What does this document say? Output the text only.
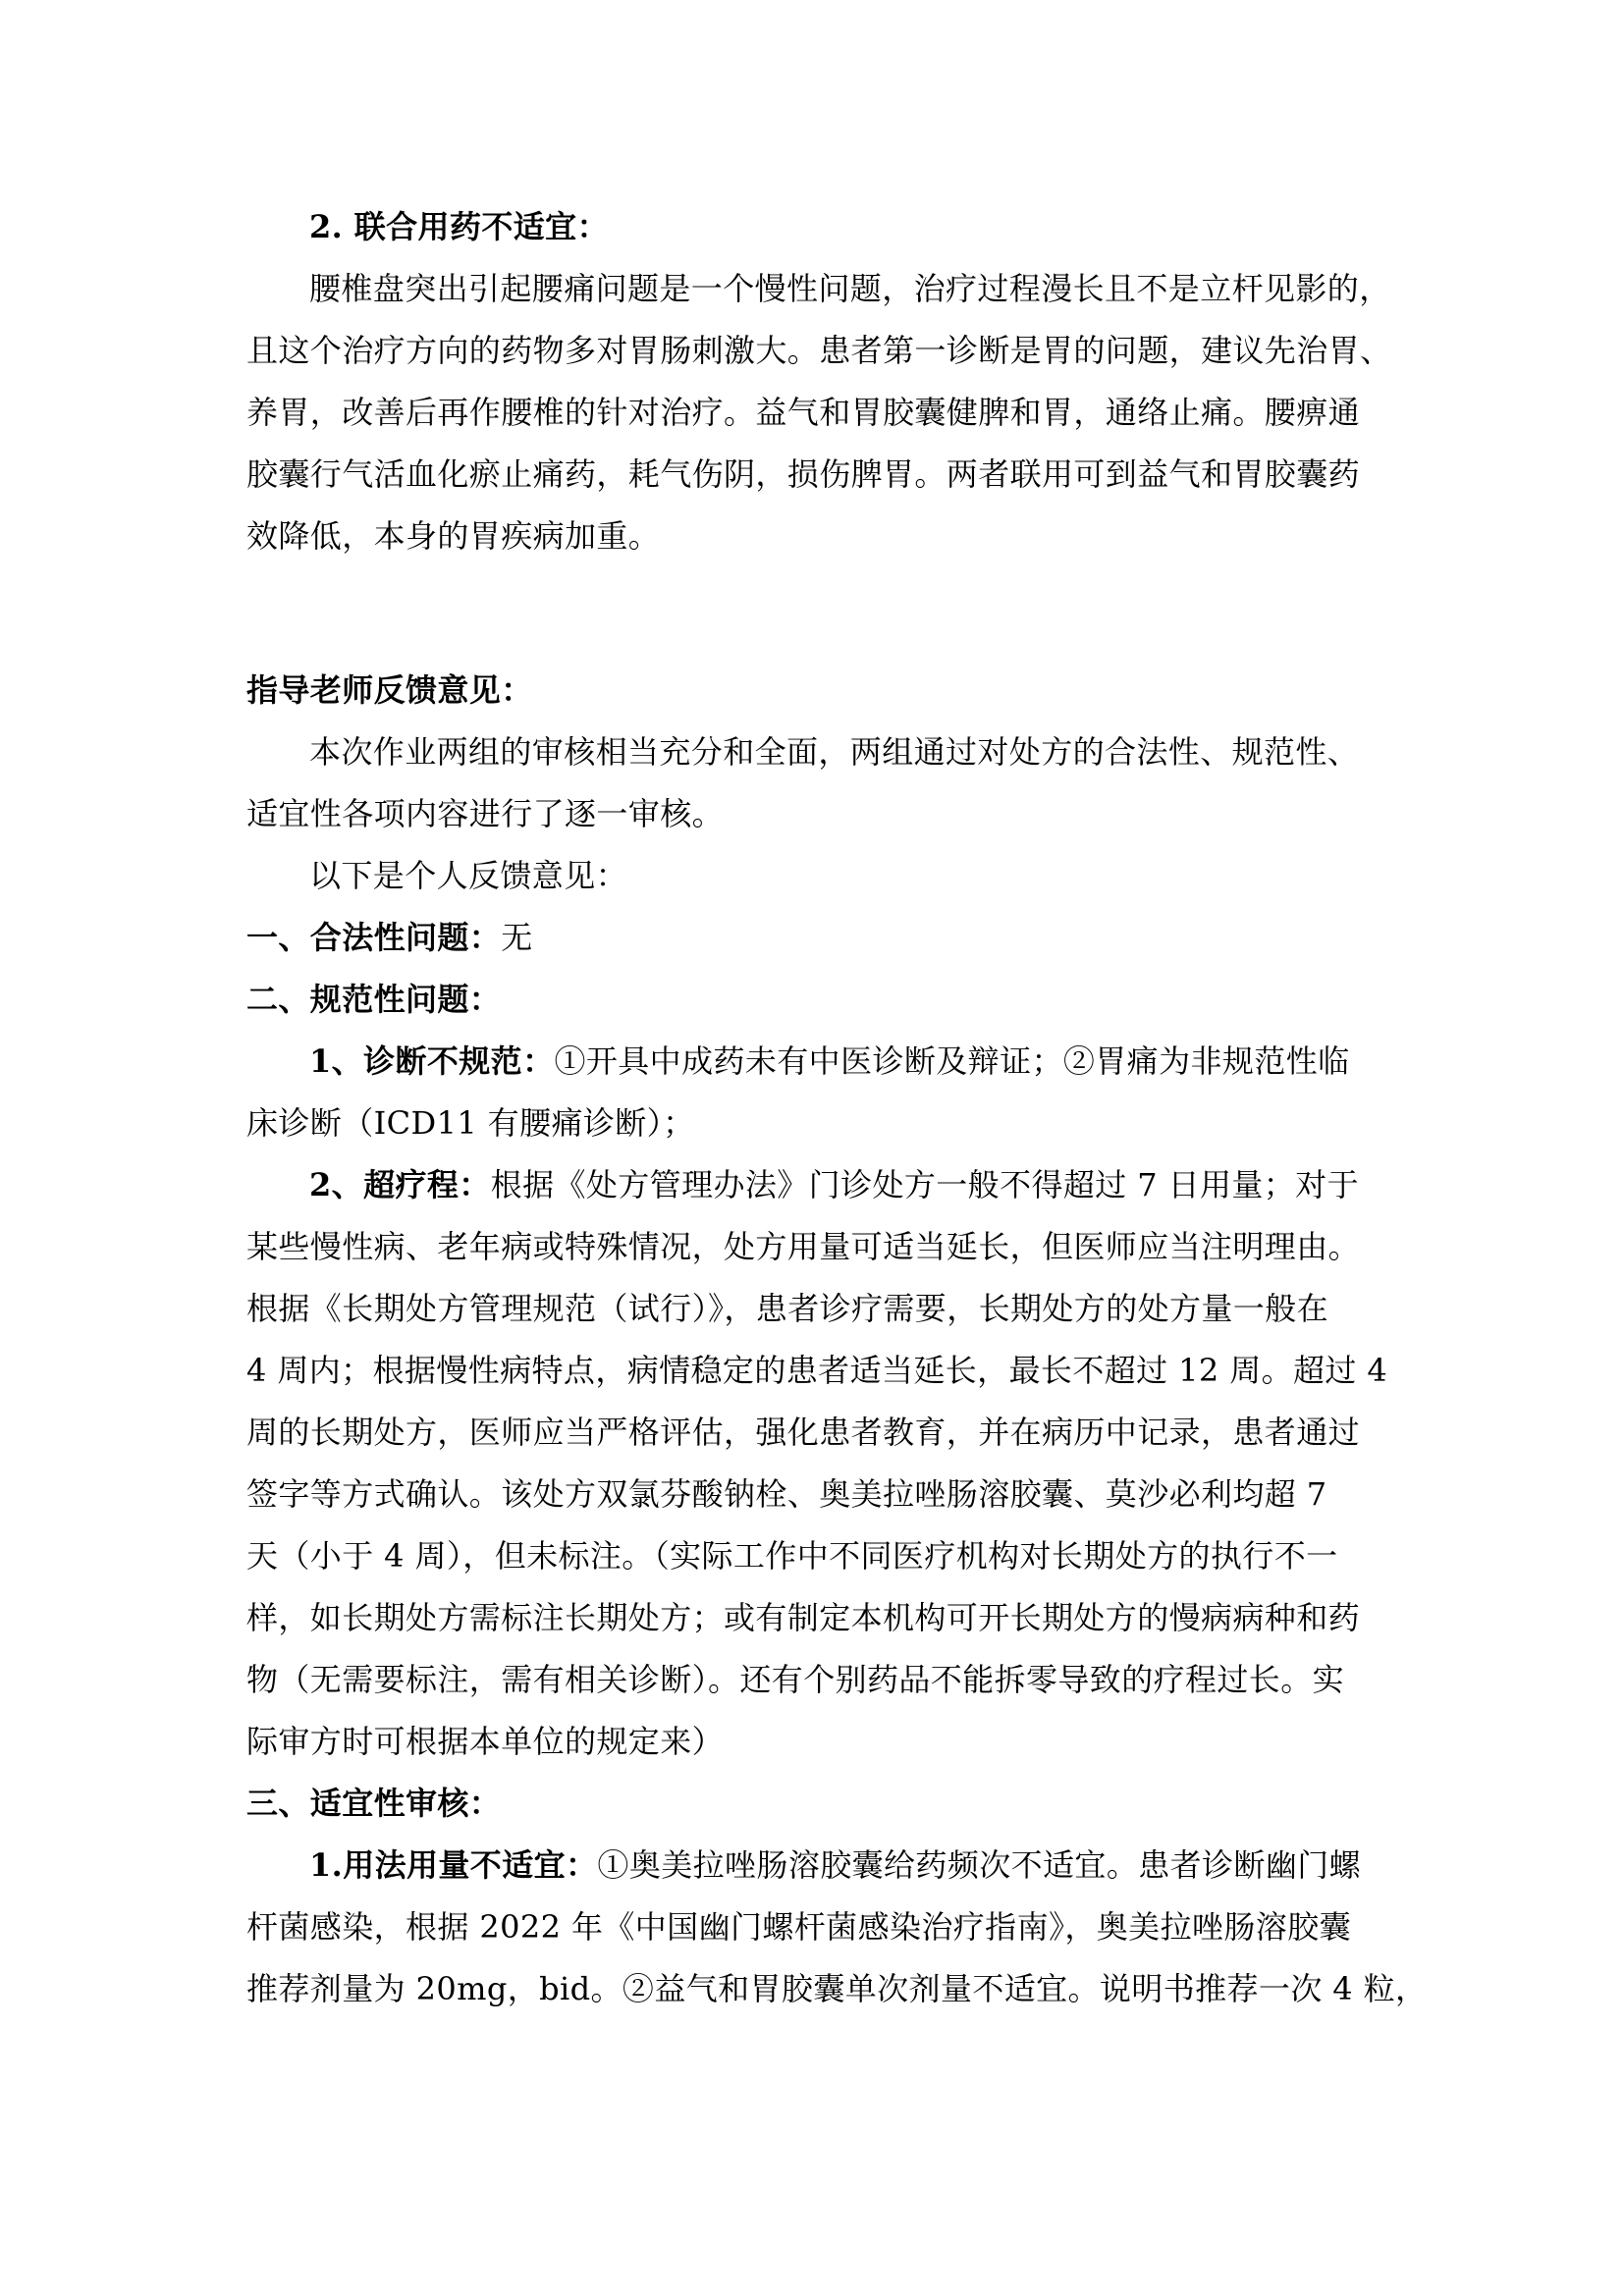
2. 联合用药不适宜：
腰椎盘突出引起腰痛问题是一个慢性问题，治疗过程漫长且不是立杆见影的，
且这个治疗方向的药物多对胃肠刺激大。患者第一诊断是胃的问题，建议先治胃、
养胃，改善后再作腰椎的针对治疗。益气和胃胶囊健脾和胃，通络止痛。腰痹通
胶囊行气活血化瘀止痛药，耗气伤阴，损伤脾胃。两者联用可到益气和胃胶囊药
效降低，本身的胃疾病加重。
指导老师反馈意见：
本次作业两组的审核相当充分和全面，两组通过对处方的合法性、规范性、
适宜性各项内容进行了逐一审核。
以下是个人反馈意见：
一、合法性问题：无
二、规范性问题：
1、诊断不规范：①开具中成药未有中医诊断及辩证；②胃痛为非规范性临
床诊断（ICD11 有腰痛诊断）；
2、超疗程：根据《处方管理办法》门诊处方一般不得超过 7 日用量；对于
某些慢性病、老年病或特殊情况，处方用量可适当延长，但医师应当注明理由。
根据《长期处方管理规范（试行）》，患者诊疗需要，长期处方的处方量一般在
4 周内；根据慢性病特点，病情稳定的患者适当延长，最长不超过 12 周。超过 4
周的长期处方，医师应当严格评估，强化患者教育，并在病历中记录，患者通过
签字等方式确认。该处方双氯芬酸钠栓、奥美拉唑肠溶胶囊、莫沙必利均超 7
天（小于 4 周），但未标注。（实际工作中不同医疗机构对长期处方的执行不一
样，如长期处方需标注长期处方；或有制定本机构可开长期处方的慢病病种和药
物（无需要标注，需有相关诊断）。还有个别药品不能拆零导致的疗程过长。实
际审方时可根据本单位的规定来）
三、适宜性审核：
1.用法用量不适宜：①奥美拉唑肠溶胶囊给药频次不适宜。患者诊断幽门螺
杆菌感染，根据 2022 年《中国幽门螺杆菌感染治疗指南》，奥美拉唑肠溶胶囊
推荐剂量为 20mg，bid。②益气和胃胶囊单次剂量不适宜。说明书推荐一次 4 粒，
